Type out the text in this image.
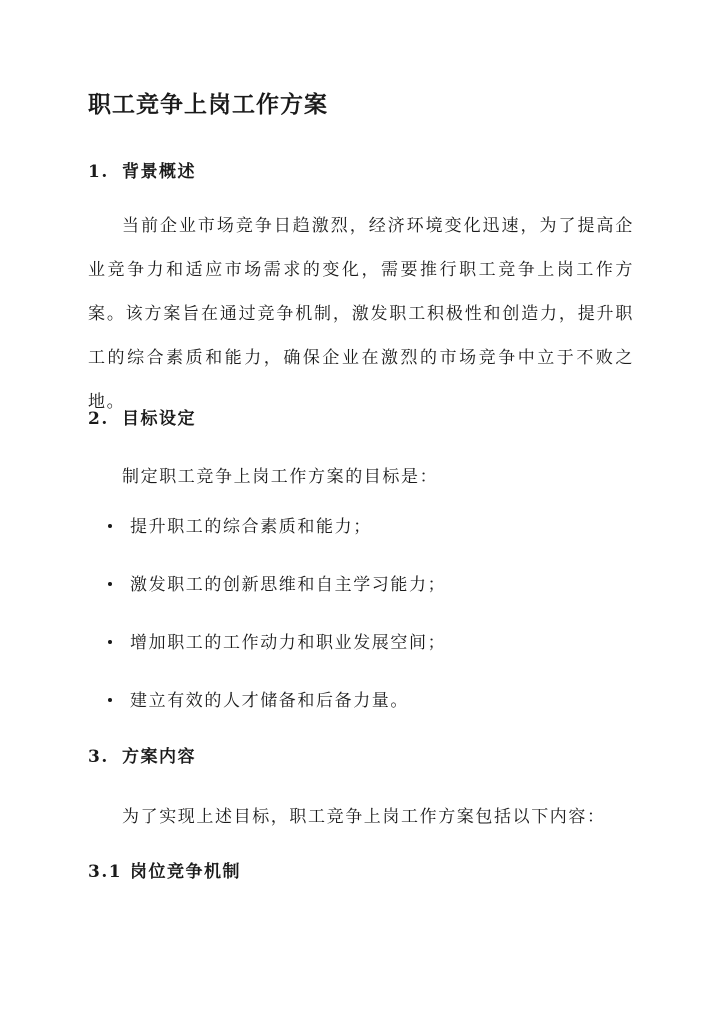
职工竞争上岗工作方案
1. 背景概述

当前企业市场竞争日趋激烈，经济环境变化迅速，为了提高企业竞争力和适应市场需求的变化，需要推行职工竞争上岗工作方案。该方案旨在通过竞争机制，激发职工积极性和创造力，提升职工的综合素质和能力，确保企业在激烈的市场竞争中立于不败之地。

2. 目标设定

制定职工竞争上岗工作方案的目标是：

提升职工的综合素质和能力；
激发职工的创新思维和自主学习能力；
增加职工的工作动力和职业发展空间；
建立有效的人才储备和后备力量。
3. 方案内容

为了实现上述目标，职工竞争上岗工作方案包括以下内容：

3.1 岗位竞争机制
